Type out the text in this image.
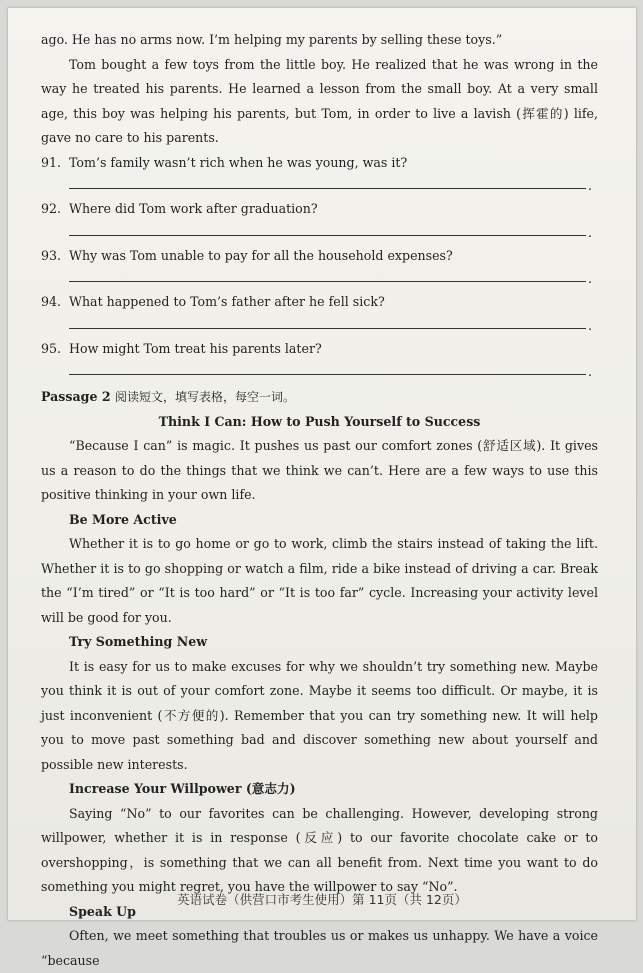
ago. He has no arms now. I’m helping my parents by selling these toys.”

Tom bought a few toys from the little boy. He realized that he was wrong in the way he treated his parents. He learned a lesson from the small boy. At a very small age, this boy was helping his parents, but Tom, in order to live a lavish (挥霍的) life, gave no care to his parents.

91. Tom’s family wasn’t rich when he was young, was it?

.

92. Where did Tom work after graduation?

.

93. Why was Tom unable to pay for all the household expenses?

.

94. What happened to Tom’s father after he fell sick?

.

95. How might Tom treat his parents later?

.

Passage 2 阅读短文，填写表格，每空一词。

Think I Can: How to Push Yourself to Success

“Because I can” is magic. It pushes us past our comfort zones (舒适区域). It gives us a reason to do the things that we think we can’t. Here are a few ways to use this positive thinking in your own life.

Be More Active

Whether it is to go home or go to work, climb the stairs instead of taking the lift. Whether it is to go shopping or watch a film, ride a bike instead of driving a car. Break the “I’m tired” or “It is too hard” or “It is too far” cycle. Increasing your activity level will be good for you.

Try Something New

It is easy for us to make excuses for why we shouldn’t try something new. Maybe you think it is out of your comfort zone. Maybe it seems too difficult. Or maybe, it is just inconvenient (不方便的). Remember that you can try something new. It will help you to move past something bad and discover something new about yourself and possible new interests.

Increase Your Willpower (意志力)

Saying “No” to our favorites can be challenging. However, developing strong willpower, whether it is in response (反应) to our favorite chocolate cake or to overshopping，is something that we can all benefit from. Next time you want to do something you might regret, you have the willpower to say “No”.

Speak Up

Often, we meet something that troubles us or makes us unhappy. We have a voice “because

英语试卷（供营口市考生使用）第 11页（共 12页）
